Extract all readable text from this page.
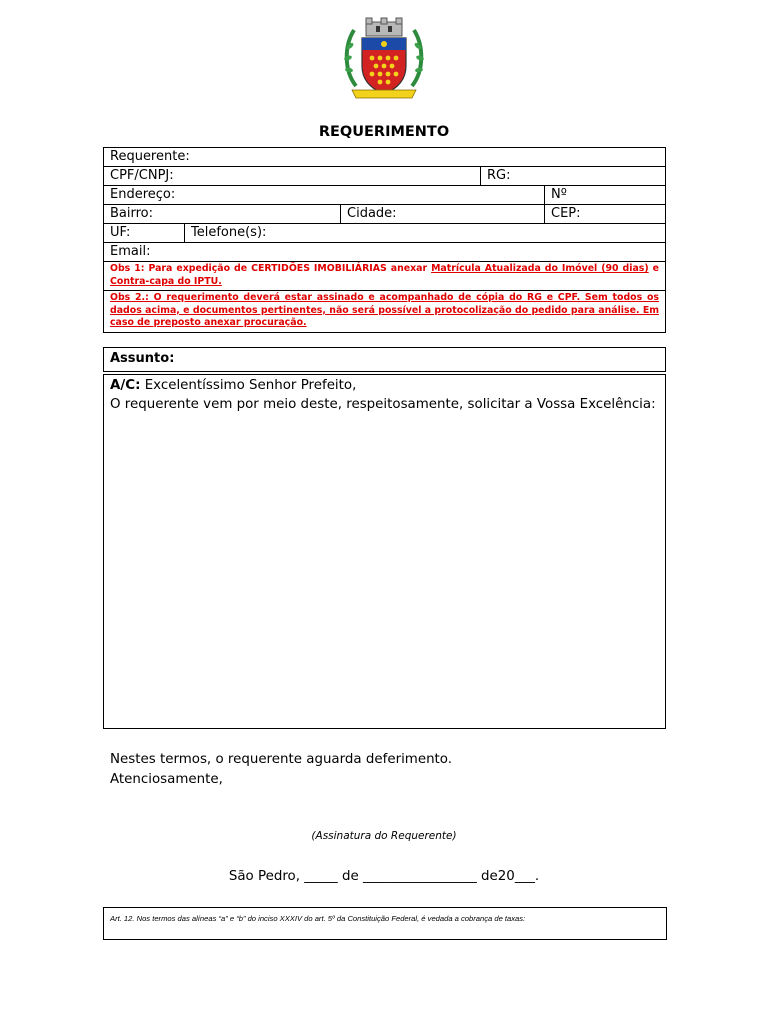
REQUERIMENTO
Requerente:
CPF/CNPJ:	RG:
Endereço:	Nº
Bairro:	Cidade:	CEP:
UF:	Telefone(s):
Email:
Obs 1: Para expedição de CERTIDÕES IMOBILIÁRIAS anexar Matrícula Atualizada do Imóvel (90 dias) e Contra-capa do IPTU.
Obs 2.: O requerimento deverá estar assinado e acompanhado de cópia do RG e CPF. Sem todos os dados acima, e documentos pertinentes, não será possível a protocolização do pedido para análise. Em caso de preposto anexar procuração.
Assunto:
A/C: Excelentíssimo Senhor Prefeito,
O requerente vem por meio deste, respeitosamente, solicitar a Vossa Excelência:
Nestes termos, o requerente aguarda deferimento.
Atenciosamente,
(Assinatura do Requerente)
São Pedro, _____ de _________________ de20___.
Art. 12. Nos termos das alíneas “a” e “b” do inciso XXXIV do art. 5º da Constituição Federal, é vedada a cobrança de taxas:
